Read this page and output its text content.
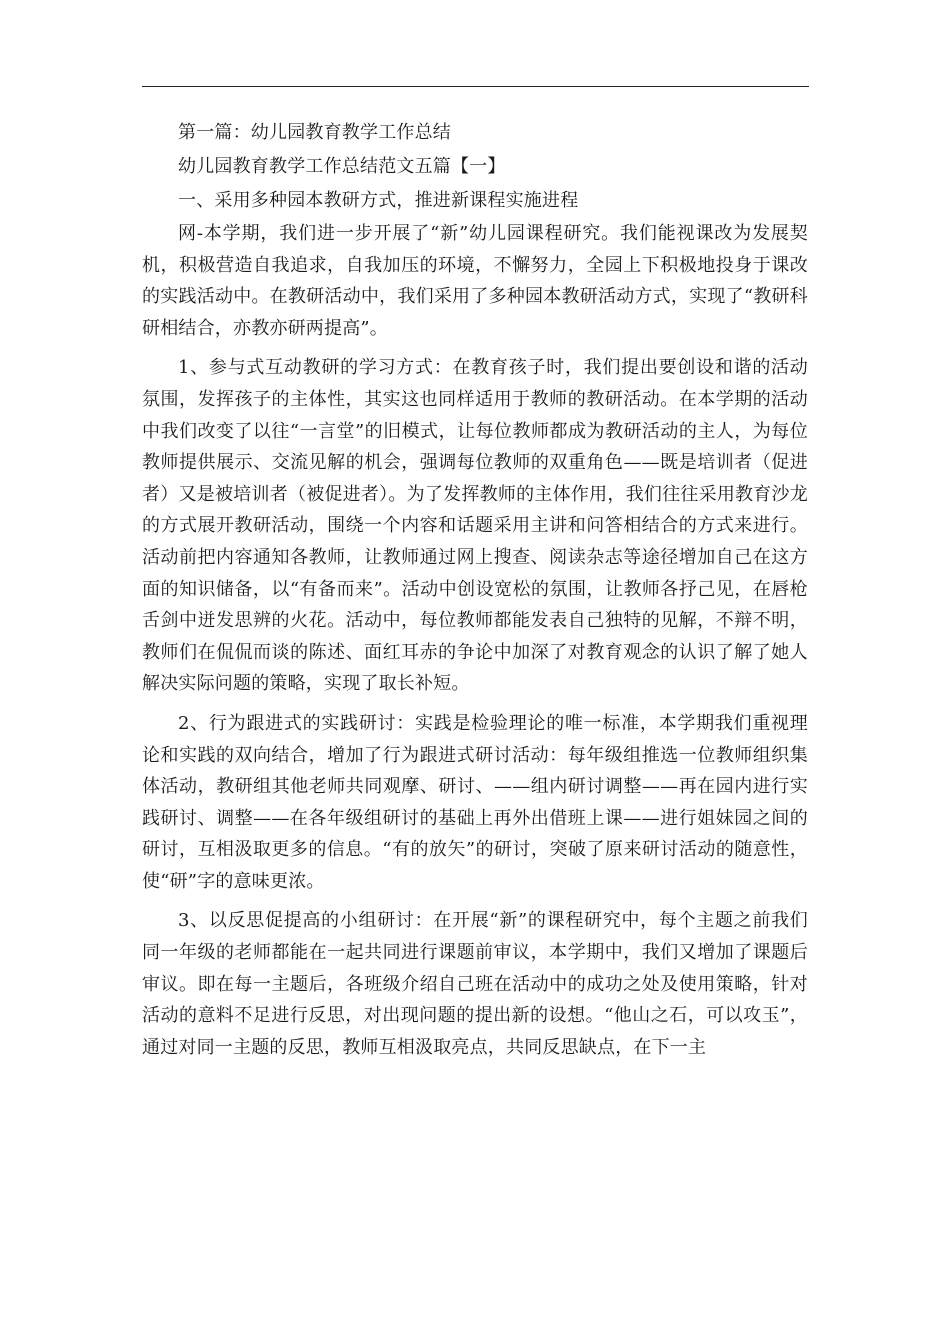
第一篇：幼儿园教育教学工作总结

幼儿园教育教学工作总结范文五篇【一】

一、采用多种园本教研方式，推进新课程实施进程

网-本学期，我们进一步开展了“新”幼儿园课程研究。我们能视课改为发展契机，积极营造自我追求，自我加压的环境，不懈努力，全园上下积极地投身于课改的实践活动中。在教研活动中，我们采用了多种园本教研活动方式，实现了“教研科研相结合，亦教亦研两提高”。

1、参与式互动教研的学习方式：在教育孩子时，我们提出要创设和谐的活动氛围，发挥孩子的主体性，其实这也同样适用于教师的教研活动。在本学期的活动中我们改变了以往“一言堂”的旧模式，让每位教师都成为教研活动的主人，为每位教师提供展示、交流见解的机会，强调每位教师的双重角色——既是培训者（促进者）又是被培训者（被促进者）。为了发挥教师的主体作用，我们往往采用教育沙龙的方式展开教研活动，围绕一个内容和话题采用主讲和问答相结合的方式来进行。活动前把内容通知各教师，让教师通过网上搜查、阅读杂志等途径增加自己在这方面的知识储备，以“有备而来”。活动中创设宽松的氛围，让教师各抒己见，在唇枪舌剑中迸发思辨的火花。活动中，每位教师都能发表自己独特的见解，不辩不明，教师们在侃侃而谈的陈述、面红耳赤的争论中加深了对教育观念的认识了解了她人解决实际问题的策略，实现了取长补短。

2、行为跟进式的实践研讨：实践是检验理论的唯一标准，本学期我们重视理论和实践的双向结合，增加了行为跟进式研讨活动：每年级组推选一位教师组织集体活动，教研组其他老师共同观摩、研讨、——组内研讨调整——再在园内进行实践研讨、调整——在各年级组研讨的基础上再外出借班上课——进行姐妹园之间的研讨，互相汲取更多的信息。“有的放矢”的研讨，突破了原来研讨活动的随意性，使“研”字的意味更浓。

3、以反思促提高的小组研讨：在开展“新”的课程研究中，每个主题之前我们同一年级的老师都能在一起共同进行课题前审议，本学期中，我们又增加了课题后审议。即在每一主题后，各班级介绍自己班在活动中的成功之处及使用策略，针对活动的意料不足进行反思，对出现问题的提出新的设想。“他山之石，可以攻玉”，通过对同一主题的反思，教师互相汲取亮点，共同反思缺点，在下一主
